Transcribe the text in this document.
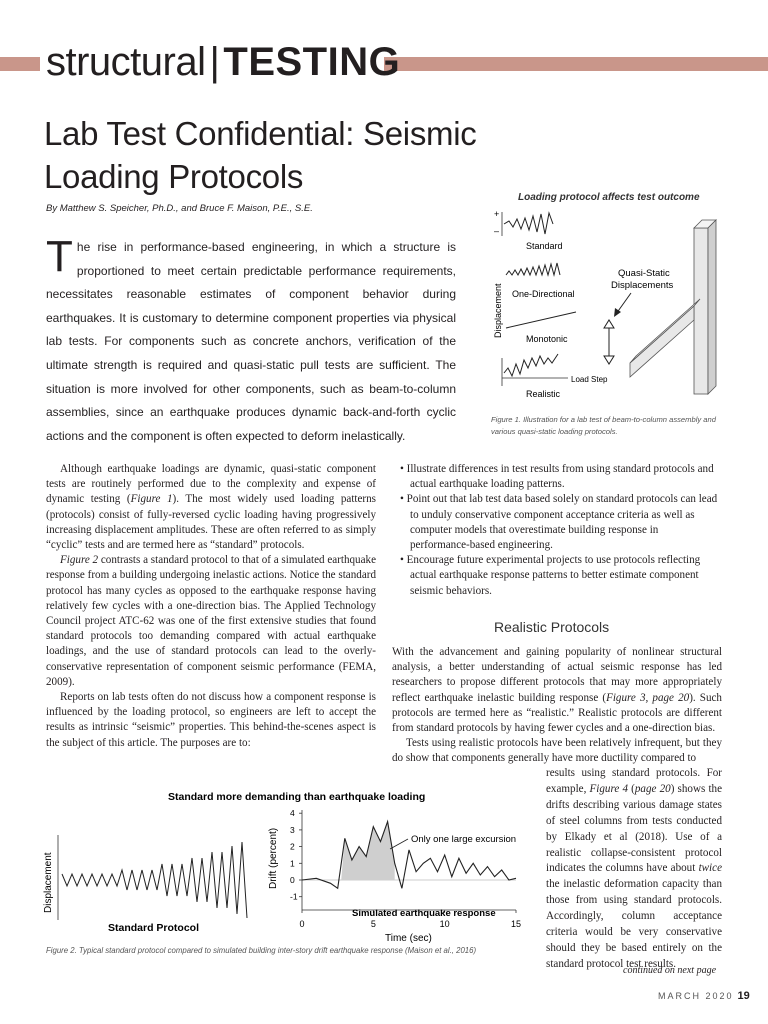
structural | TESTING
Lab Test Confidential: Seismic
Loading Protocols
By Matthew S. Speicher, Ph.D., and Bruce F. Maison, P.E., S.E.
The rise in performance-based engineering, in which a structure is proportioned to meet certain predictable performance requirements, necessitates reasonable estimates of component behavior during earthquakes. It is customary to determine component properties via physical lab tests. For components such as concrete anchors, verification of the ultimate strength is required and quasi-static pull tests are sufficient. The situation is more involved for other components, such as beam-to-column assemblies, since an earthquake produces dynamic back-and-forth cyclic actions and the component is often expected to deform inelastically.
Loading protocol affects test outcome
+
–
Standard
Displacement One-Directional
Monotonic
Load Step
Realistic
Quasi-Static
Displacements
Figure 1. Illustration for a lab test of beam-to-column assembly and various quasi-static loading protocols.

Although earthquake loadings are dynamic, quasi-static component tests are routinely performed due to the complexity and expense of dynamic testing (Figure 1). The most widely used loading patterns (protocols) consist of fully-reversed cyclic loading having progressively increasing displacement amplitudes. These are often referred to as simply “cyclic” tests and are termed here as “standard” protocols.

Figure 2 contrasts a standard protocol to that of a simulated earthquake response from a building undergoing inelastic actions. Notice the standard protocol has many cycles as opposed to the earthquake response having relatively few cycles with a one-direction bias. The Applied Technology Council project ATC-62 was one of the first extensive studies that found standard protocols too demanding compared with actual earthquake loadings, and the use of standard protocols can lead to the overly-conservative representation of component seismic performance (FEMA, 2009).

Reports on lab tests often do not discuss how a component response is influenced by the loading protocol, so engineers are left to accept the results as intrinsic “seismic” properties. This behind-the-scenes aspect is the subject of this article. The purposes are to:

• Illustrate differences in test results from using standard protocols and actual earthquake loading patterns.
• Point out that lab test data based solely on standard protocols can lead to unduly conservative component acceptance criteria as well as computer models that overestimate building response in performance-based engineering.
• Encourage future experimental projects to use protocols reflecting actual earthquake response patterns to better estimate component seismic behaviors.
Realistic Protocols

With the advancement and gaining popularity of nonlinear structural analysis, a better understanding of actual seismic response has led researchers to propose different protocols that may more appropriately reflect earthquake inelastic building response (Figure 3, page 20). Such protocols are termed here as “realistic.” Realistic protocols are different from standard protocols by having fewer cycles and a one-direction bias.

Tests using realistic protocols have been relatively infrequent, but they do show that components generally have more ductility compared to

results using standard protocols. For example, Figure 4 (page 20) shows the drifts describing various damage states of steel columns from tests conducted by Elkady et al (2018). Use of a realistic collapse-consistent protocol indicates the columns have about twice the inelastic deformation capacity than those from using standard protocols. Accordingly, column acceptance criteria would be very conservative should they be based entirely on the standard protocol test results.

Standard more demanding than earthquake loading
Displacement
Standard Protocol
Drift (percent)
4
3
2
1
0
-1
0	5	10	15
Only one large excursion
Simulated earthquake response
Time (sec)
Figure 2. Typical standard protocol compared to simulated building inter-story drift earthquake response (Maison et al., 2016)
continued on next page
MARCH 2020 19
